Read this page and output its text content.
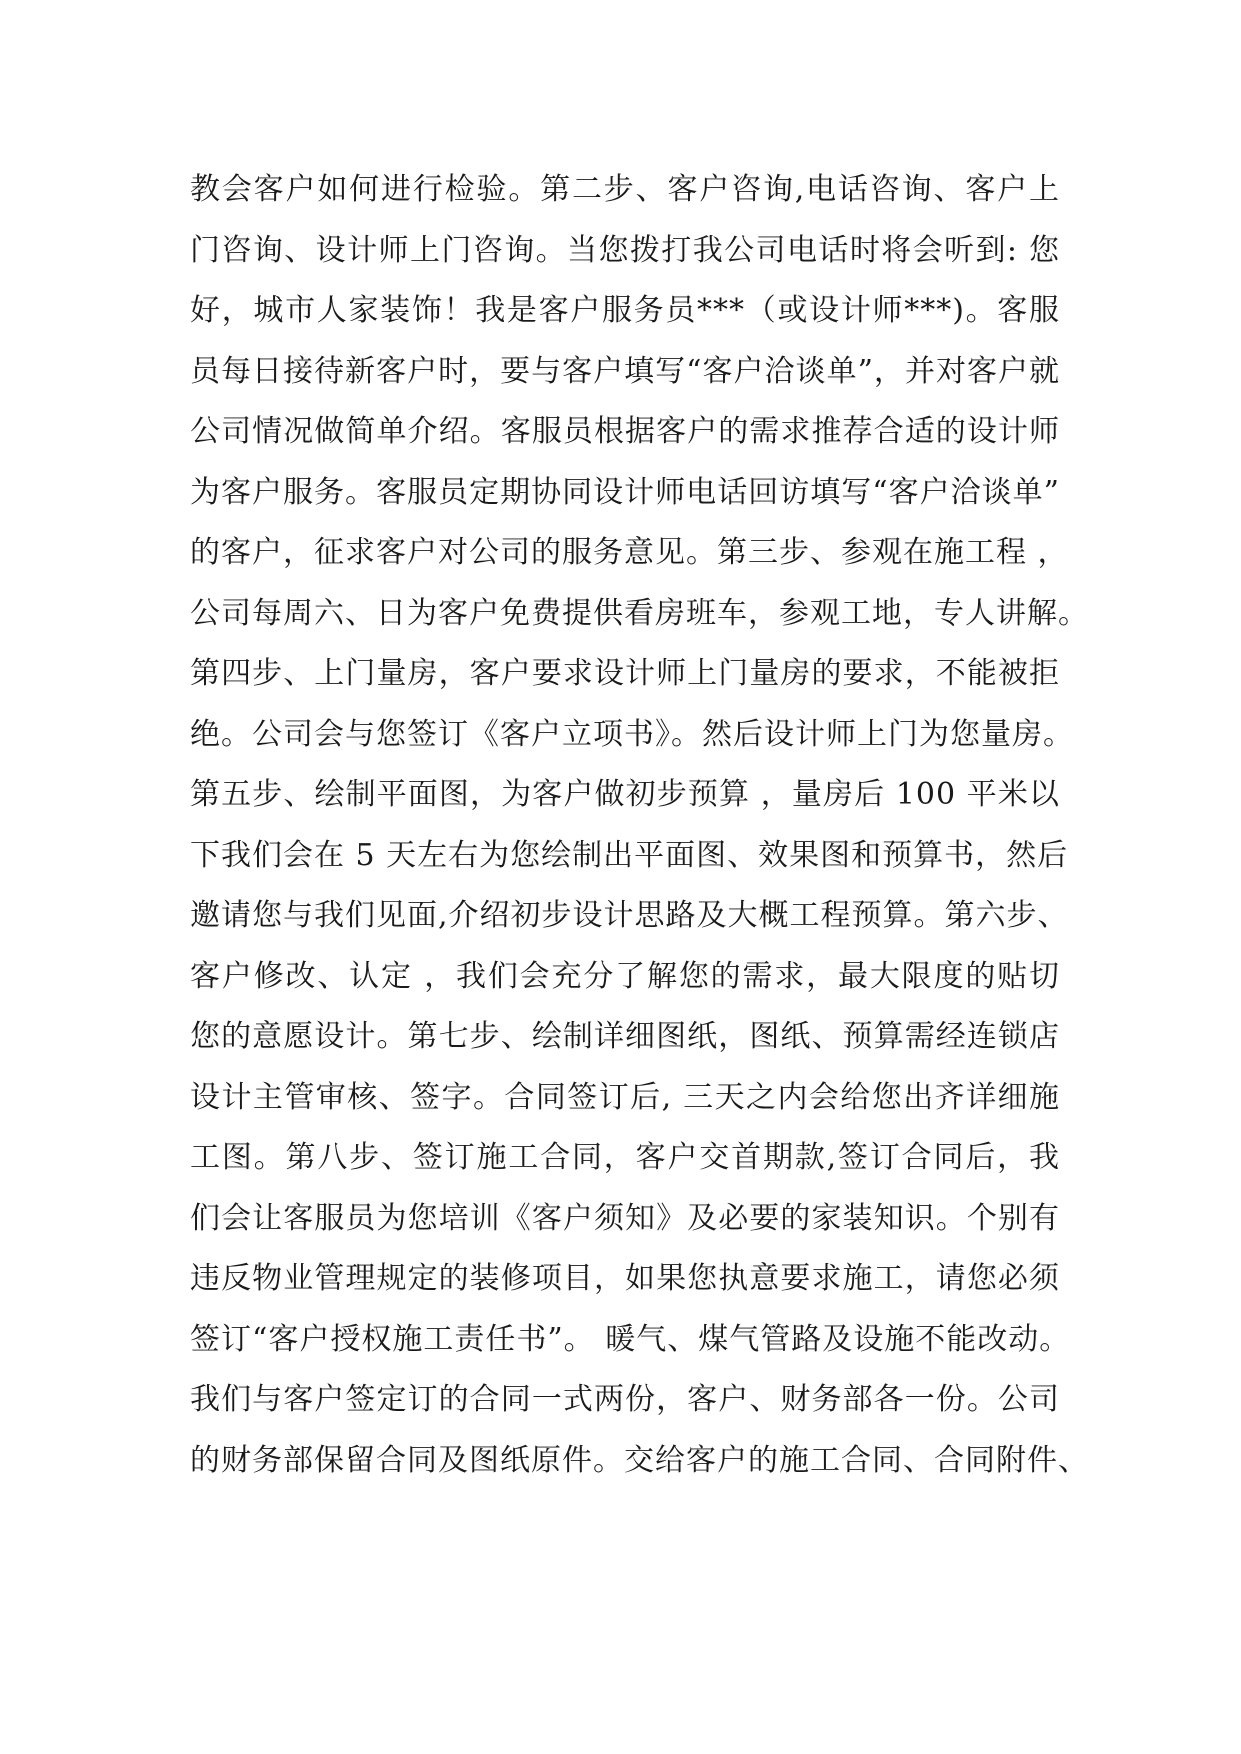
教会客户如何进行检验。第二步、客户咨询,电话咨询、客户上
门咨询、设计师上门咨询。当您拨打我公司电话时将会听到: 您
好，城市人家装饰！我是客户服务员***（或设计师***)。客服
员每日接待新客户时，要与客户填写“客户洽谈单”，并对客户就
公司情况做简单介绍。客服员根据客户的需求推荐合适的设计师
为客户服务。客服员定期协同设计师电话回访填写“客户洽谈单”
的客户，征求客户对公司的服务意见。第三步、参观在施工程 ，
公司每周六、日为客户免费提供看房班车，参观工地，专人讲解。
第四步、上门量房，客户要求设计师上门量房的要求，不能被拒
绝。公司会与您签订《客户立项书》。然后设计师上门为您量房。
第五步、绘制平面图，为客户做初步预算 ，量房后 100 平米以
下我们会在 5 天左右为您绘制出平面图、效果图和预算书，然后
邀请您与我们见面,介绍初步设计思路及大概工程预算。第六步、
客户修改、认定 ，我们会充分了解您的需求，最大限度的贴切
您的意愿设计。第七步、绘制详细图纸，图纸、预算需经连锁店
设计主管审核、签字。合同签订后, 三天之内会给您出齐详细施
工图。第八步、签订施工合同，客户交首期款,签订合同后，我
们会让客服员为您培训《客户须知》及必要的家装知识。个别有
违反物业管理规定的装修项目，如果您执意要求施工，请您必须
签订“客户授权施工责任书”。 暖气、煤气管路及设施不能改动。
我们与客户签定订的合同一式两份，客户、财务部各一份。公司
的财务部保留合同及图纸原件。交给客户的施工合同、合同附件、
